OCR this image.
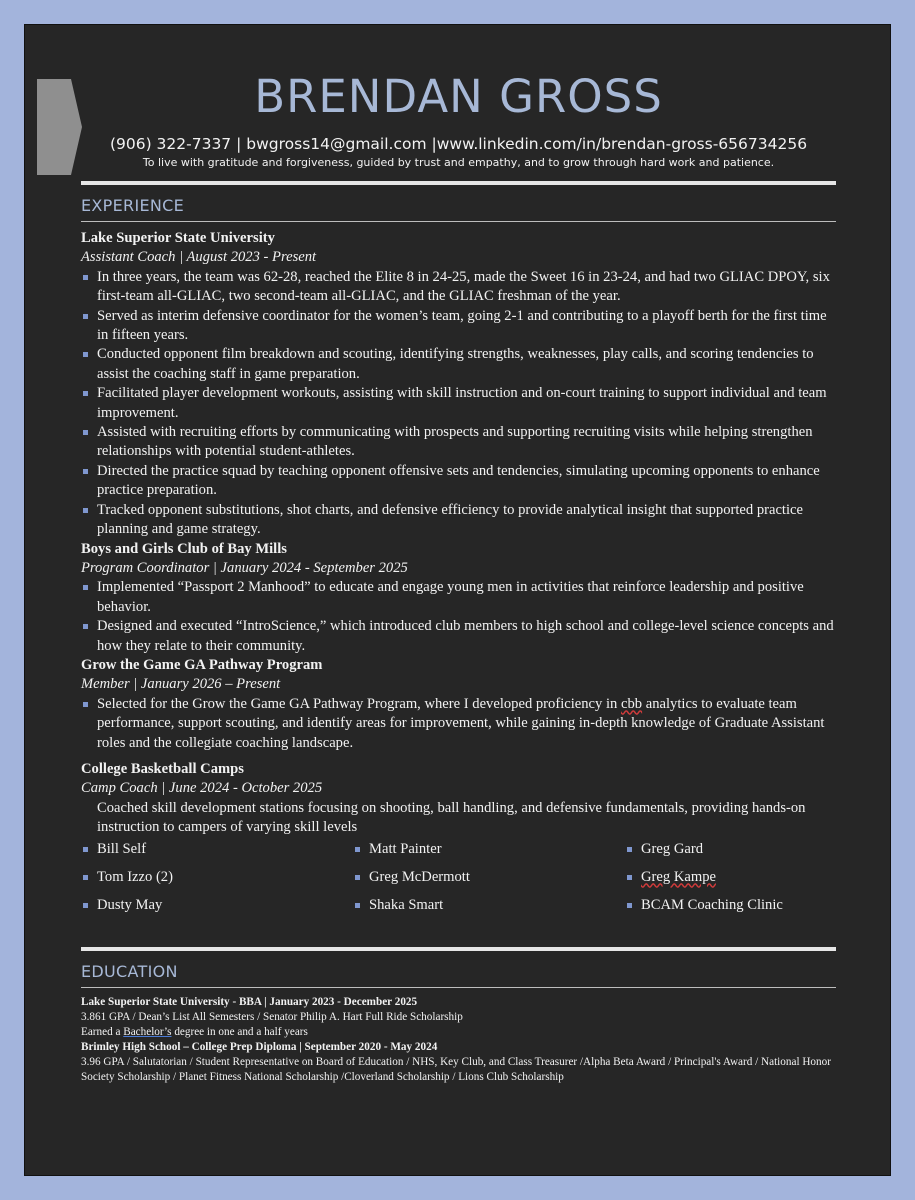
BRENDAN GROSS
(906) 322-7337 | bwgross14@gmail.com |www.linkedin.com/in/brendan-gross-656734256
To live with gratitude and forgiveness, guided by trust and empathy, and to grow through hard work and patience.
EXPERIENCE

Lake Superior State University

Assistant Coach | August 2023 - Present

In three years, the team was 62-28, reached the Elite 8 in 24-25, made the Sweet 16 in 23-24, and had two GLIAC DPOY, six first-team all-GLIAC, two second-team all-GLIAC, and the GLIAC freshman of the year.
Served as interim defensive coordinator for the women’s team, going 2-1 and contributing to a playoff berth for the first time in fifteen years.
Conducted opponent film breakdown and scouting, identifying strengths, weaknesses, play calls, and scoring tendencies to assist the coaching staff in game preparation.
Facilitated player development workouts, assisting with skill instruction and on-court training to support individual and team improvement.
Assisted with recruiting efforts by communicating with prospects and supporting recruiting visits while helping strengthen relationships with potential student-athletes.
Directed the practice squad by teaching opponent offensive sets and tendencies, simulating upcoming opponents to enhance practice preparation.
Tracked opponent substitutions, shot charts, and defensive efficiency to provide analytical insight that supported practice planning and game strategy.

Boys and Girls Club of Bay Mills

Program Coordinator | January 2024 - September 2025

Implemented “Passport 2 Manhood” to educate and engage young men in activities that reinforce leadership and positive behavior.
Designed and executed “IntroScience,” which introduced club members to high school and college-level science concepts and how they relate to their community.

Grow the Game GA Pathway Program

Member | January 2026 – Present

Selected for the Grow the Game GA Pathway Program, where I developed proficiency in cbb analytics to evaluate team performance, support scouting, and identify areas for improvement, while gaining in-depth knowledge of Graduate Assistant roles and the collegiate coaching landscape.

College Basketball Camps

Camp Coach | June 2024 - October 2025

Coached skill development stations focusing on shooting, ball handling, and defensive fundamentals, providing hands-on instruction to campers of varying skill levels

Bill Self	Matt Painter	Greg Gard
Tom Izzo (2)	Greg McDermott	Greg Kampe
Dusty May	Shaka Smart	BCAM Coaching Clinic
EDUCATION
Lake Superior State University - BBA | January 2023 - December 2025
3.861 GPA / Dean’s List All Semesters / Senator Philip A. Hart Full Ride Scholarship
Earned a Bachelor’s degree in one and a half years
Brimley High School – College Prep Diploma | September 2020 - May 2024
3.96 GPA / Salutatorian / Student Representative on Board of Education / NHS, Key Club, and Class Treasurer /Alpha Beta Award / Principal's Award / National Honor Society Scholarship / Planet Fitness National Scholarship /Cloverland Scholarship / Lions Club Scholarship
